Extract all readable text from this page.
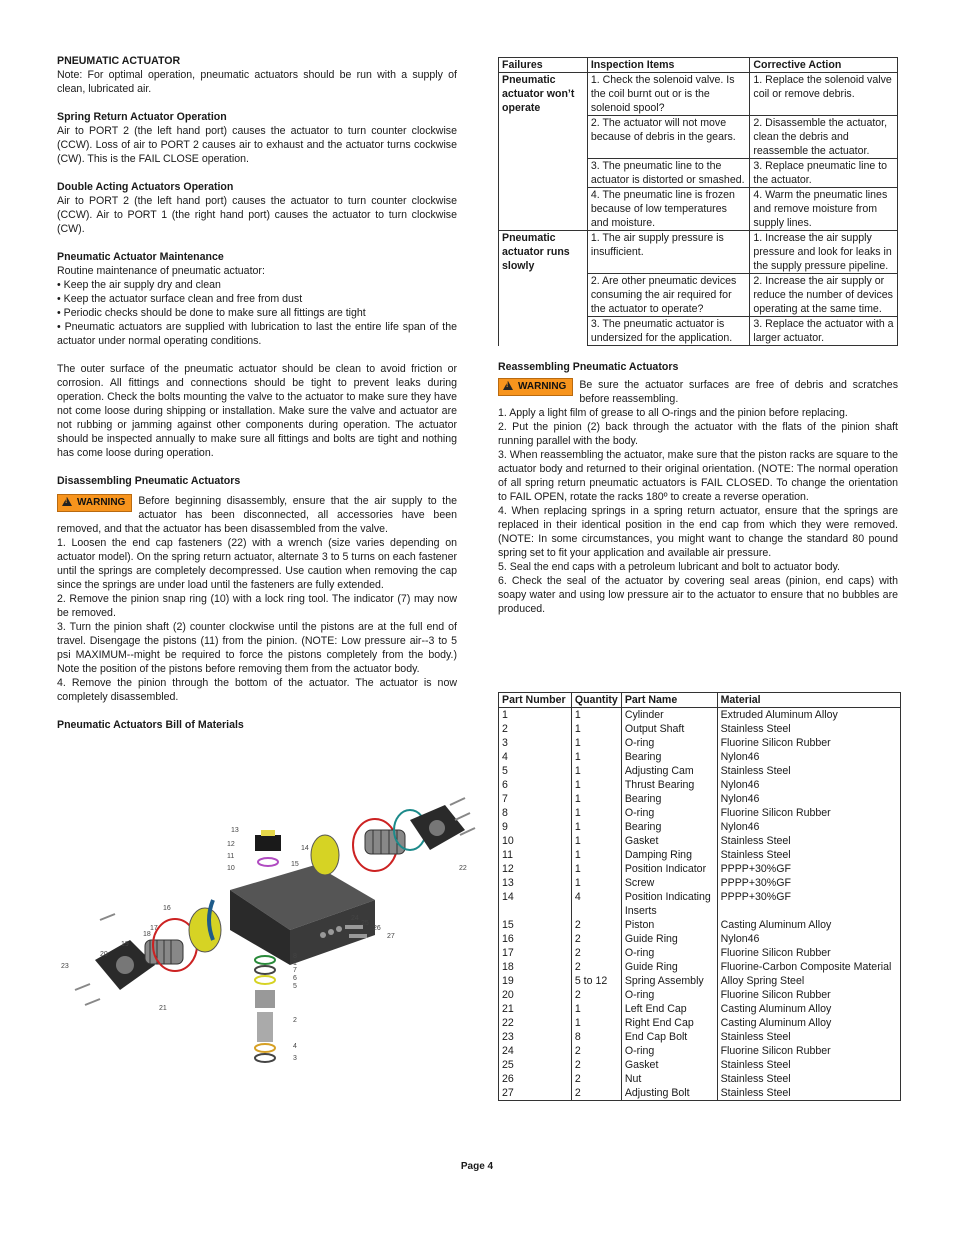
PNEUMATIC ACTUATOR

Note: For optimal operation, pneumatic actuators should be run with a supply of clean, lubricated air.

Spring Return Actuator Operation

Air to PORT 2 (the left hand port) causes the actuator to turn counter clockwise (CCW). Loss of air to PORT 2 causes air to exhaust and the actuator turns cockwise (CW). This is the FAIL CLOSE operation.

Double Acting Actuators Operation

Air to PORT 2 (the left hand port) causes the actuator to turn counter clockwise (CCW). Air to PORT 1 (the right hand port) causes the actuator to turn clockwise (CW).

Pneumatic Actuator Maintenance

Routine maintenance of pneumatic actuator:

• Keep the air supply dry and clean

• Keep the actuator surface clean and free from dust

• Periodic checks should be done to make sure all fittings are tight

• Pneumatic actuators are supplied with lubrication to last the entire life span of the actuator under normal operating conditions.

The outer surface of the pneumatic actuator should be clean to avoid friction or corrosion. All fittings and connections should be tight to prevent leaks during operation. Check the bolts mounting the valve to the actuator to make sure they have not come loose during shipping or installation. Make sure the valve and actuator are not rubbing or jamming against other components during operation. The actuator should be inspected annually to make sure all fittings and bolts are tight and nothing has come loose during operation.

Disassembling Pneumatic Actuators

!WARNING	Before beginning disassembly, ensure that the air supply to the actuator has been disconnected, all accessories have been removed, and that the actuator has been disassembled from the valve.

1. Loosen the end cap fasteners (22) with a wrench (size varies depending on actuator model). On the spring return actuator, alternate 3 to 5 turns on each fastener until the springs are completely decompressed. Use caution when removing the cap since the springs are under load until the fasteners are fully extended.

2. Remove the pinion snap ring (10) with a lock ring tool. The indicator (7) may now be removed.

3. Turn the pinion shaft (2) counter clockwise until the pistons are at the full end of travel. Disengage the pistons (11) from the pinion. (NOTE: Low pressure air--3 to 5 psi MAXIMUM--might be required to force the pistons completely from the body.) Note the position of the pistons before removing them from the actuator body.

4. Remove the pinion through the bottom of the actuator. The actuator is now completely disassembled.

Pneumatic Actuators Bill of Materials
1
2
3
4
5
6
7
8
13
12
11
10
14
15
16
17
18
19
20
21
22
23
24
25
26
27
Failures	Inspection Items	Corrective Action
Pneumatic actuator won’t operate	1. Check the solenoid valve. Is the coil burnt out or is the solenoid spool?	1. Replace the solenoid valve coil or remove debris.
	2. The actuator will not move because of debris in the gears.	2. Disassemble the actuator, clean the debris and reassemble the actuator.
	3. The pneumatic line to the actuator is distorted or smashed.	3. Replace pneumatic line to the actuator.
	4. The pneumatic line is frozen because of low temperatures and moisture.	4. Warm the pneumatic lines and remove moisture from supply lines.
Pneumatic actuator runs slowly	1. The air supply pressure is insufficient.	1. Increase the air supply pressure and look for leaks in the supply pressure pipeline.
	2. Are other pneumatic devices consuming the air required for the actuator to operate?	2. Increase the air supply or reduce the number of devices operating at the same time.
	3. The pneumatic actuator is undersized for the application.	3. Replace the actuator with a larger actuator.
Reassembling Pneumatic Actuators

!WARNING	Be sure the actuator surfaces are free of debris and scratches before reassembling.

1. Apply a light film of grease to all O-rings and the pinion before replacing.

2. Put the pinion (2) back through the actuator with the flats of the pinion shaft running parallel with the body.

3. When reassembling the actuator, make sure that the piston racks are square to the actuator body and returned to their original orientation. (NOTE: The normal operation of all spring return pneumatic actuators is FAIL CLOSED. To change the orientation to FAIL OPEN, rotate the racks 180º to create a reverse operation.

4. When replacing springs in a spring return actuator, ensure that the springs are replaced in their identical position in the end cap from which they were removed. (NOTE: In some circumstances, you might want to change the standard 80 pound spring set to fit your application and available air pressure.

5. Seal the end caps with a petroleum lubricant and bolt to actuator body.

6. Check the seal of the actuator by covering seal areas (pinion, end caps) with soapy water and using low pressure air to the actuator to ensure that no bubbles are produced.

Part Number	Quantity	Part Name	Material
1	1	Cylinder	Extruded Aluminum Alloy
2	1	Output Shaft	Stainless Steel
3	1	O-ring	Fluorine Silicon Rubber
4	1	Bearing	Nylon46
5	1	Adjusting Cam	Stainless Steel
6	1	Thrust Bearing	Nylon46
7	1	Bearing	Nylon46
8	1	O-ring	Fluorine Silicon Rubber
9	1	Bearing	Nylon46
10	1	Gasket	Stainless Steel
11	1	Damping Ring	Stainless Steel
12	1	Position Indicator	PPPP+30%GF
13	1	Screw	PPPP+30%GF
14	4	Position Indicating Inserts	PPPP+30%GF
15	2	Piston	Casting Aluminum Alloy
16	2	Guide Ring	Nylon46
17	2	O-ring	Fluorine Silicon Rubber
18	2	Guide Ring	Fluorine-Carbon Composite Material
19	5 to 12	Spring Assembly	Alloy Spring Steel
20	2	O-ring	Fluorine Silicon Rubber
21	1	Left End Cap	Casting Aluminum Alloy
22	1	Right End Cap	Casting Aluminum Alloy
23	8	End Cap Bolt	Stainless Steel
24	2	O-ring	Fluorine Silicon Rubber
25	2	Gasket	Stainless Steel
26	2	Nut	Stainless Steel
27	2	Adjusting Bolt	Stainless Steel
Page 4
